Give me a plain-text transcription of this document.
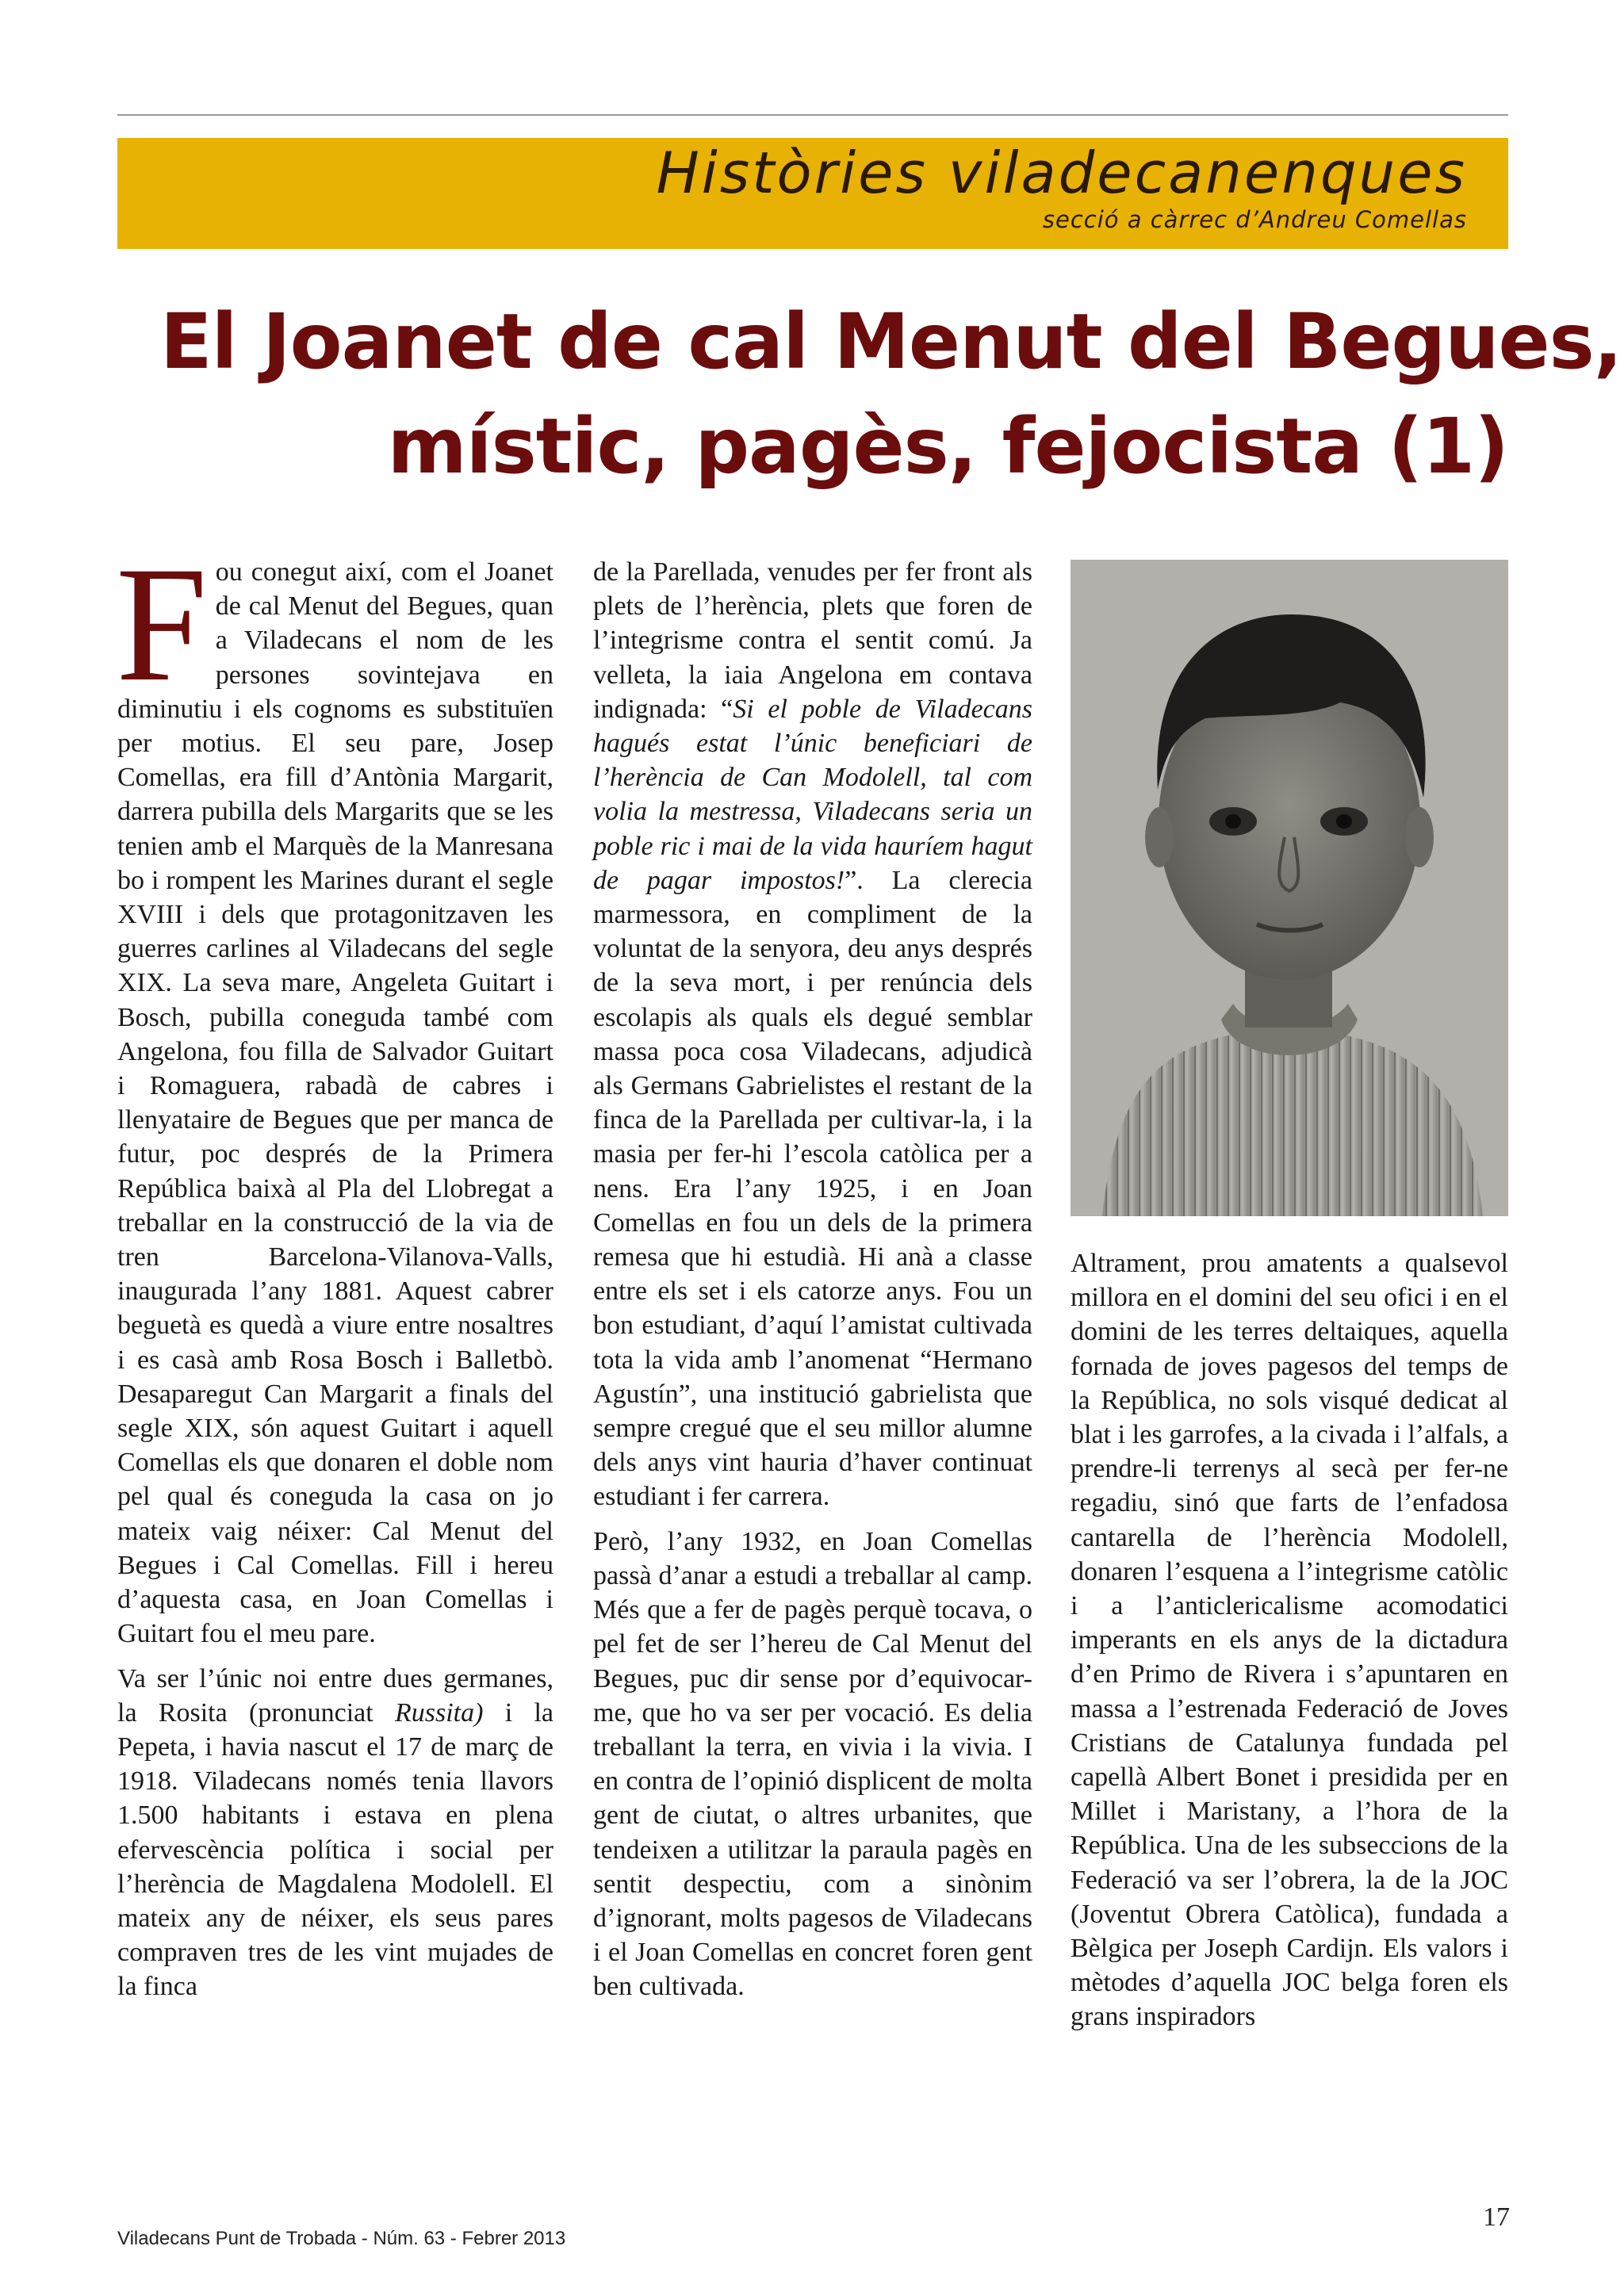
Històries viladecanenques
secció a càrrec d’Andreu Comellas
El Joanet de cal Menut del Begues,
místic, pagès, fejocista (1)

Fou conegut així, com el Joanet de cal Menut del Begues, quan a Viladecans el nom de les persones sovintejava en diminutiu i els cognoms es substituïen per motius. El seu pare, Josep Comellas, era fill d’Antònia Margarit, darrera pubilla dels Margarits que se les tenien amb el Marquès de la Manresana bo i rompent les Marines durant el segle XVIII i dels que protagonitzaven les guerres carlines al Viladecans del segle XIX. La seva mare, Angeleta Guitart i Bosch, pubilla coneguda també com Angelona, fou filla de Salvador Guitart i Romaguera, rabadà de cabres i llenyataire de Begues que per manca de futur, poc després de la Primera República baixà al Pla del Llobregat a treballar en la construcció de la via de tren Barcelona-Vilanova-Valls, inaugurada l’any 1881. Aquest cabrer beguetà es quedà a viure entre nosaltres i es casà amb Rosa Bosch i Balletbò. Desaparegut Can Margarit a finals del segle XIX, són aquest Guitart i aquell Comellas els que donaren el doble nom pel qual és coneguda la casa on jo mateix vaig néixer: Cal Menut del Begues i Cal Comellas. Fill i hereu d’aquesta casa, en Joan Comellas i Guitart fou el meu pare.

Va ser l’únic noi entre dues germanes, la Rosita (pronunciat Russita) i la Pepeta, i havia nascut el 17 de març de 1918. Viladecans només tenia llavors 1.500 habitants i estava en plena efervescència política i social per l’herència de Magdalena Modolell. El mateix any de néixer, els seus pares compraven tres de les vint mujades de la finca

de la Parellada, venudes per fer front als plets de l’herència, plets que foren de l’integrisme contra el sentit comú. Ja velleta, la iaia Angelona em contava indignada: “Si el poble de Viladecans hagués estat l’únic beneficiari de l’herència de Can Modolell, tal com volia la mestressa, Viladecans seria un poble ric i mai de la vida hauríem hagut de pagar impostos!”. La clerecia marmessora, en compliment de la voluntat de la senyora, deu anys després de la seva mort, i per renúncia dels escolapis als quals els degué semblar massa poca cosa Viladecans, adjudicà als Germans Gabrielistes el restant de la finca de la Parellada per cultivar-la, i la masia per fer-hi l’escola catòlica per a nens. Era l’any 1925, i en Joan Comellas en fou un dels de la primera remesa que hi estudià. Hi anà a classe entre els set i els catorze anys. Fou un bon estudiant, d’aquí l’amistat cultivada tota la vida amb l’anomenat “Hermano Agustín”, una institució gabrielista que sempre cregué que el seu millor alumne dels anys vint hauria d’haver continuat estudiant i fer carrera.

Però, l’any 1932, en Joan Comellas passà d’anar a estudi a treballar al camp. Més que a fer de pagès perquè tocava, o pel fet de ser l’hereu de Cal Menut del Begues, puc dir sense por d’equivocar-me, que ho va ser per vocació. Es delia treballant la terra, en vivia i la vivia. I en contra de l’opinió displicent de molta gent de ciutat, o altres urbanites, que tendeixen a utilitzar la paraula pagès en sentit despectiu, com a sinònim d’ignorant, molts pagesos de Viladecans i el Joan Comellas en concret foren gent ben cultivada.

Altrament, prou amatents a qualsevol millora en el domini del seu ofici i en el domini de les terres deltaiques, aquella fornada de joves pagesos del temps de la República, no sols visqué dedicat al blat i les garrofes, a la civada i l’alfals, a prendre-li terrenys al secà per fer-ne regadiu, sinó que farts de l’enfadosa cantarella de l’herència Modolell, donaren l’esquena a l’integrisme catòlic i a l’anticlericalisme acomodatici imperants en els anys de la dictadura d’en Primo de Rivera i s’apuntaren en massa a l’estrenada Federació de Joves Cristians de Catalunya fundada pel capellà Albert Bonet i presidida per en Millet i Maristany, a l’hora de la República. Una de les subseccions de la Federació va ser l’obrera, la de la JOC (Joventut Obrera Catòlica), fundada a Bèlgica per Joseph Cardijn. Els valors i mètodes d’aquella JOC belga foren els grans inspiradors

Viladecans Punt de Trobada - Núm. 63 - Febrer 2013
17
